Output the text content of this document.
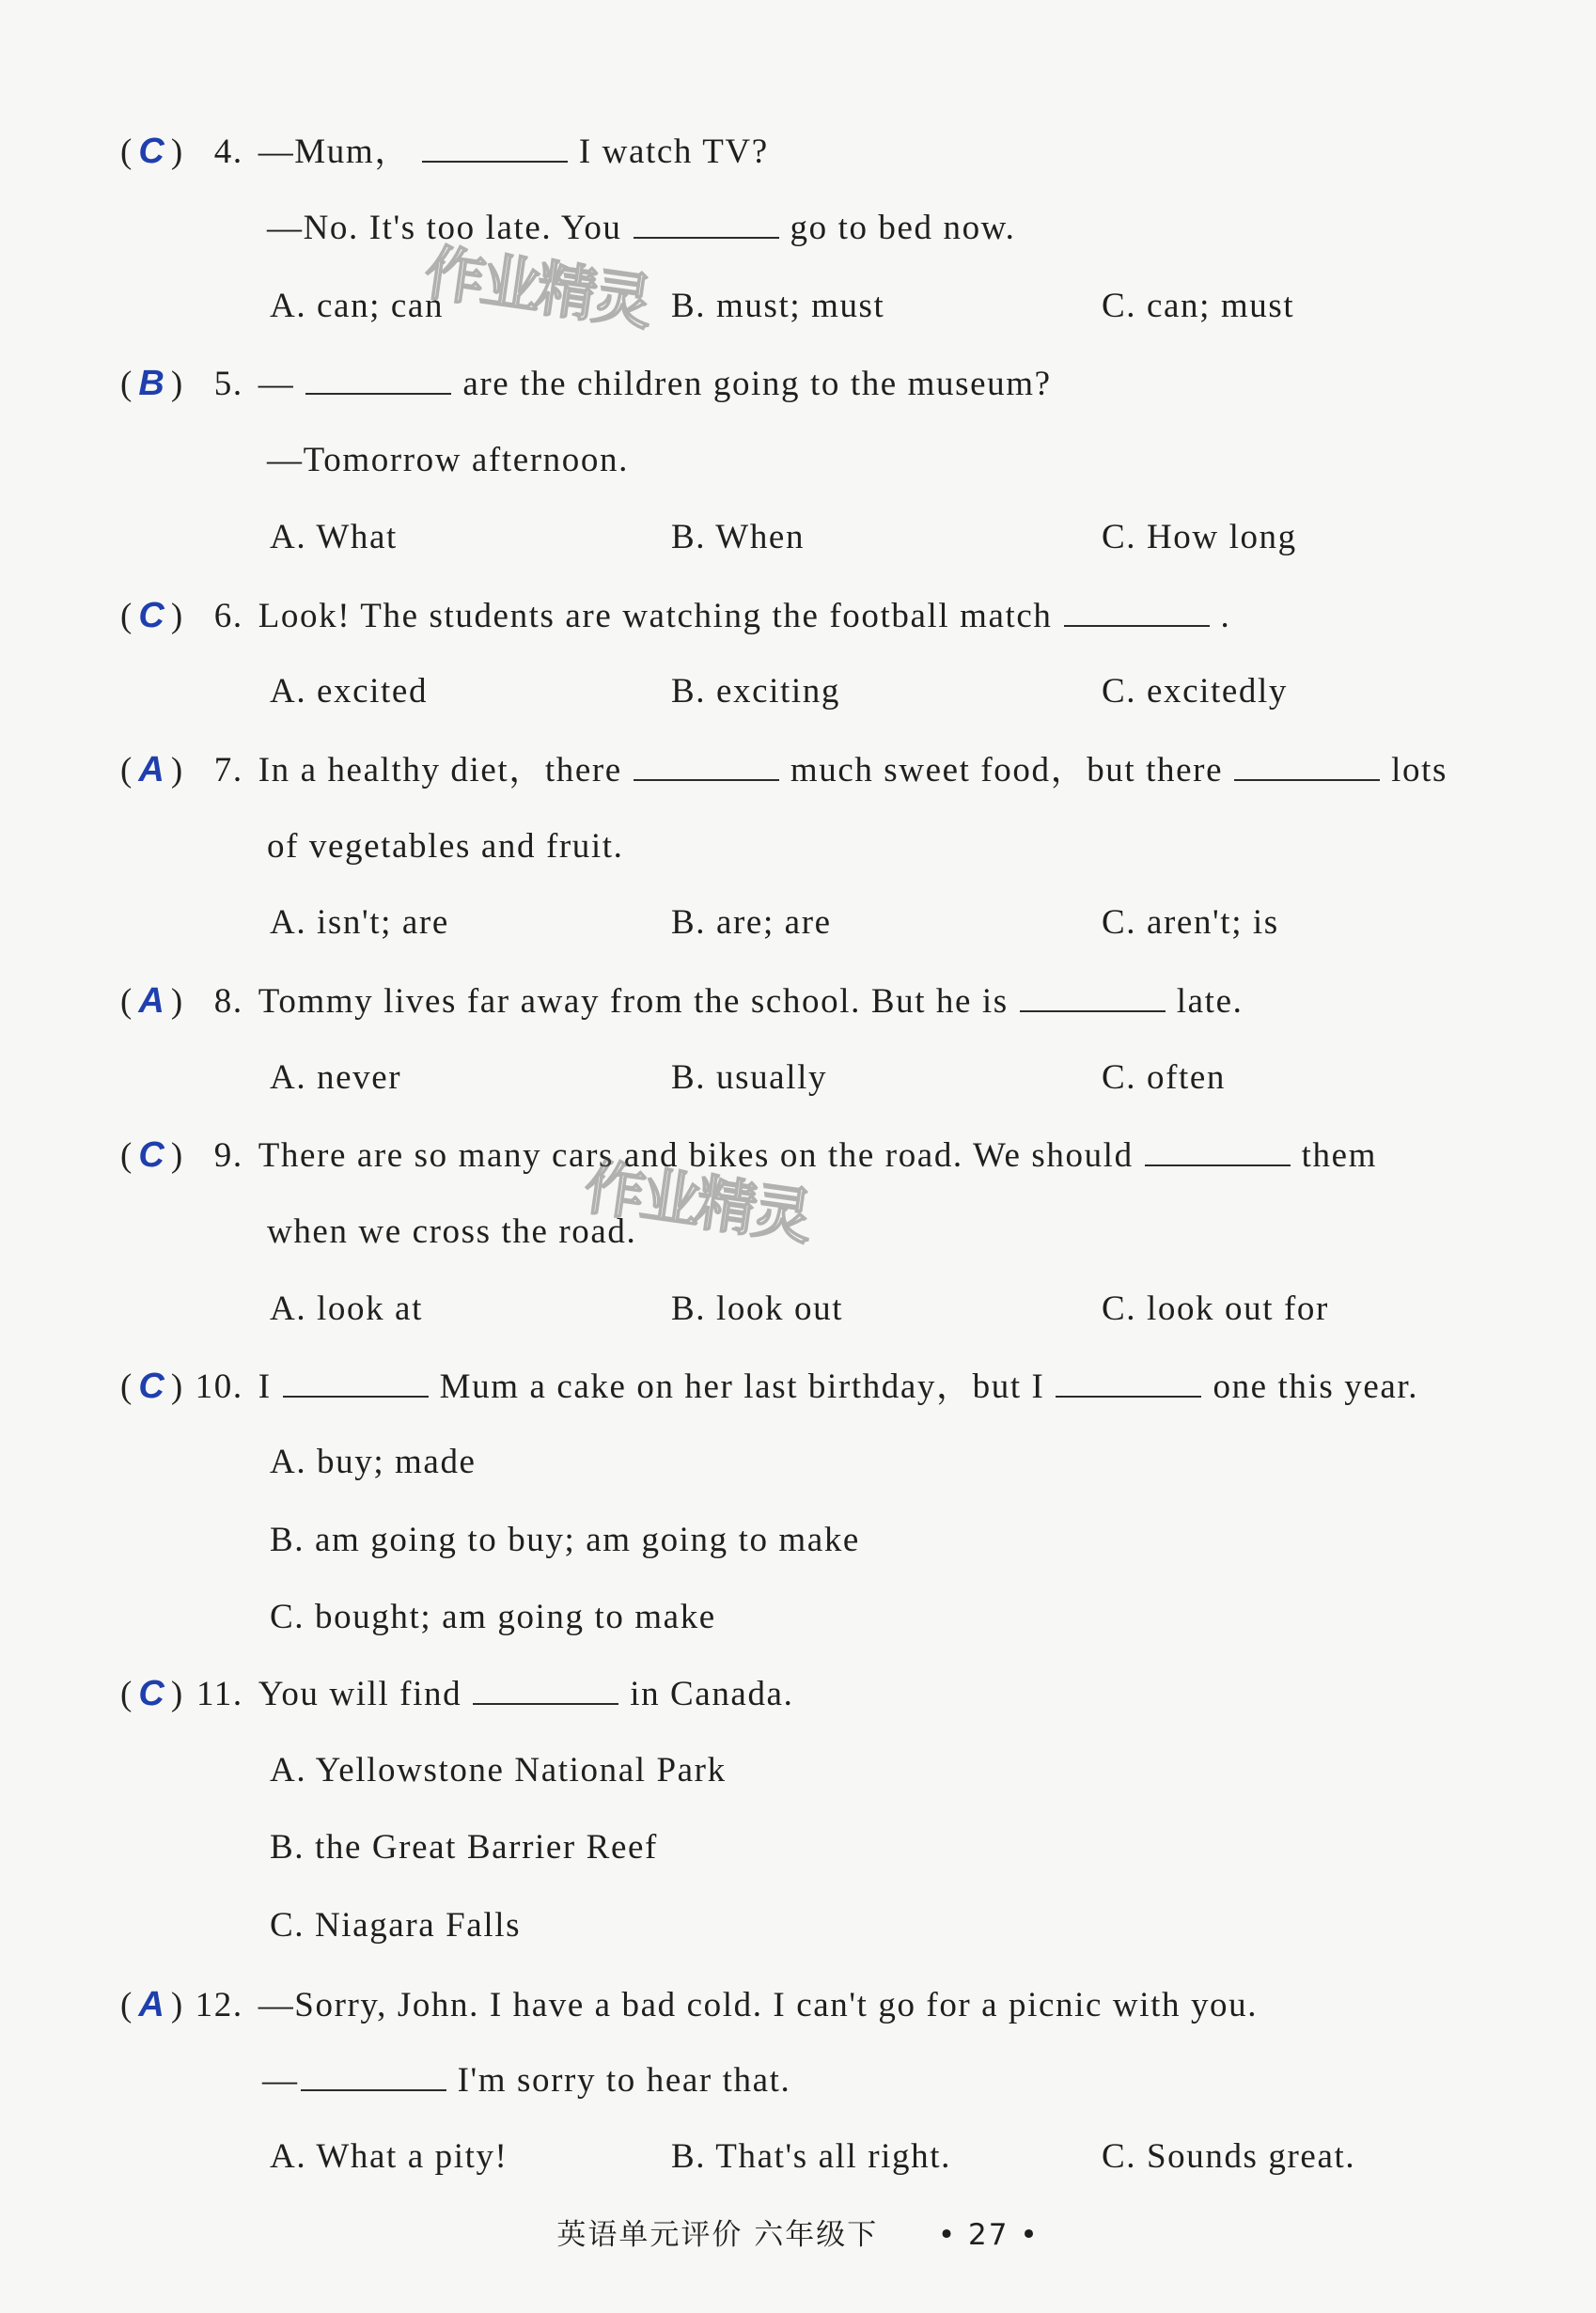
( C ) 4. —Mum，	I watch TV?
—No. It's too late. You	go to bed now.
A. can; can	B. must; must	C. can; must
( B ) 5. —	are the children going to the museum?
—Tomorrow afternoon.
A. What	B. When	C. How long
( C ) 6. Look! The students are watching the football match	.
A. excited	B. exciting	C. excitedly
( A ) 7. In a healthy diet，there	much sweet food，but there	lots
of vegetables and fruit.
A. isn't; are	B. are; are	C. aren't; is
( A ) 8. Tommy lives far away from the school. But he is	late.
A. never	B. usually	C. often
( C ) 9. There are so many cars and bikes on the road. We should	them
when we cross the road.
A. look at	B. look out	C. look out for
( C ) 10. I	Mum a cake on her last birthday，but I	one this year.
A. buy; made
B. am going to buy; am going to make
C. bought; am going to make
( C ) 11. You will find	in Canada.
A. Yellowstone National Park
B. the Great Barrier Reef
C. Niagara Falls
( A ) 12. —Sorry, John. I have a bad cold. I can't go for a picnic with you.
—	I'm sorry to hear that.
A. What a pity!	B. That's all right.	C. Sounds great.
作业精灵
作业精灵
英语单元评价 六年级下 • 27 •
